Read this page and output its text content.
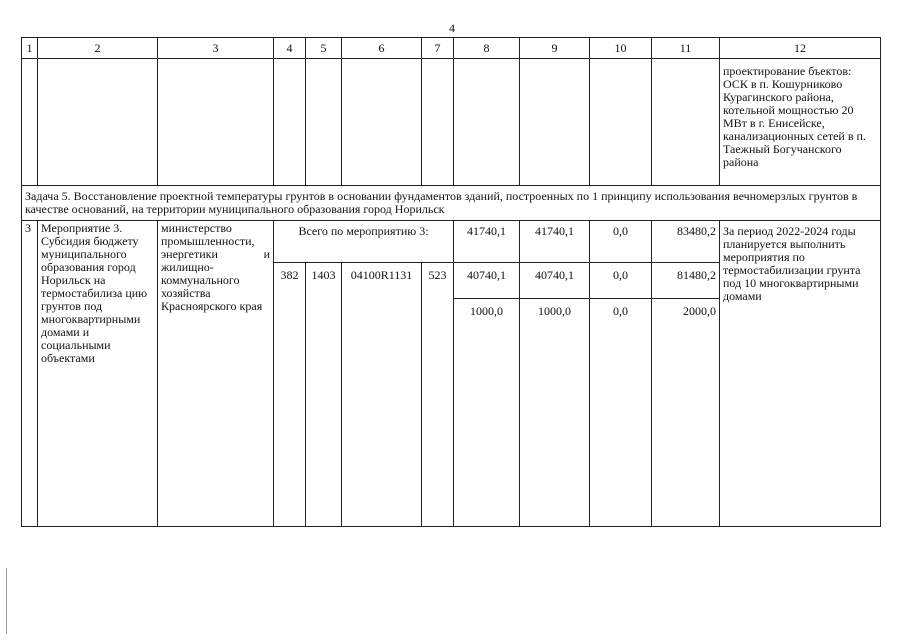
4
1	2	3	4	5	6	7	8	9	10	11	12
											проектирование бъектов: ОСК в п. Кошурниково Курагинского района, котельной мощностью 20 МВт в г. Енисейске, канализационных сетей в п. Таежный Богучанского района
Задача 5. Восстановление проектной температуры грунтов в основании фундаментов зданий, построенных по 1 принципу использования вечномерзлых грунтов в качестве оснований, на территории муниципального образования город Норильск											
3	Мероприятие 3. Субсидия бюджету муниципального образования город Норильск на термостабилиза цию грунтов под многоквартирными домами и социальными объектами	министерство промышленности, энергетики и жилищно-коммунального хозяйства Красноярского края	Всего по мероприятию 3:				41740,1	41740,1	0,0	83480,2	За период 2022-2024 годы планируется выполнить мероприятия по термостабилизации грунта под 10 многоквартирными домами
			382	1403	04100R1131	523	40740,1	40740,1	0,0	81480,2	
							1000,0	1000,0	0,0	2000,0	
